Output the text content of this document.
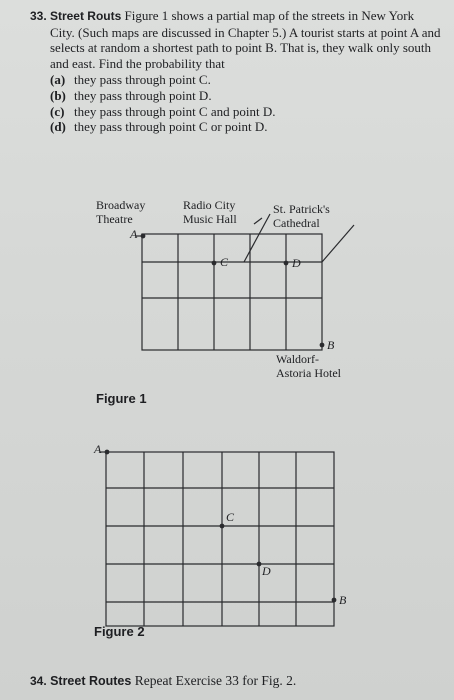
33. Street Routs Figure 1 shows a partial map of the streets in New York City. (Such maps are discussed in Chapter 5.) A tourist starts at point A and selects at random a shortest path to point B. That is, they walk only south and east. Find the probability that

(a) they pass through point C.
(b) they pass through point D.
(c) they pass through point C and point D.
(d) they pass through point C or point D.
Broadway
Theatre
Radio City
Music Hall
St. Patrick's
Cathedral
Waldorf-
Astoria Hotel
A
C	D
B
Figure 1
A
C
D
B
Figure 2
34. Street Routes Repeat Exercise 33 for Fig. 2.
